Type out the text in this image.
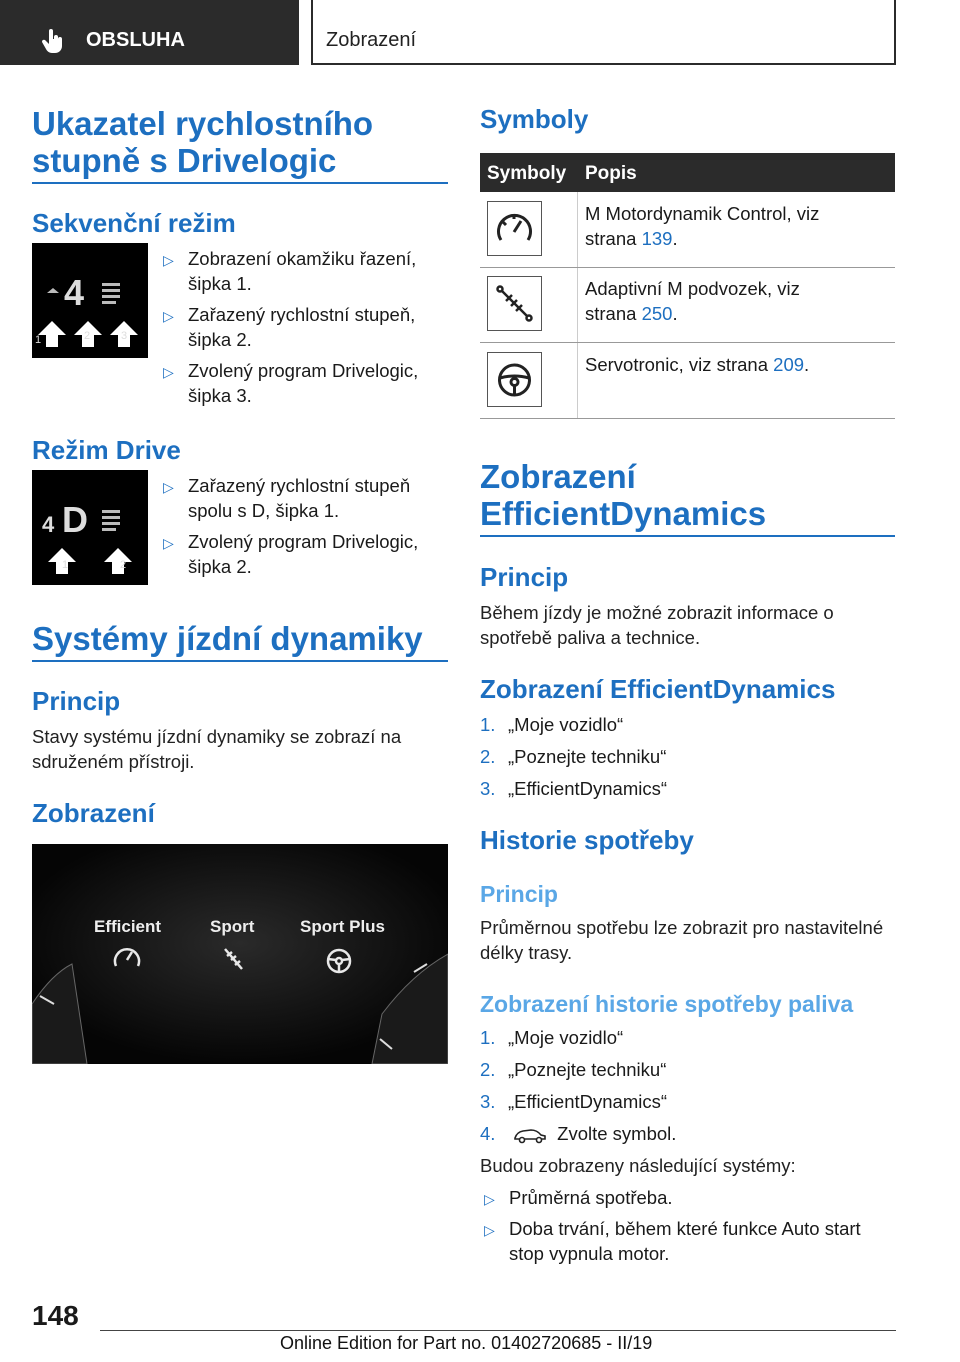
OBSLUHA	Zobrazení
Ukazatel rychlostního
stupně s Drivelogic
Sekvenční režim
4
1	2	3
▷ Zobrazení okamžiku řazení, šipka 1.
▷ Zařazený rychlostní stupeň, šipka 2.
▷ Zvolený program Drivelogic, šipka 3.
Režim Drive
4 D
1	2
▷ Zařazený rychlostní stupeň spolu s D, šipka 1.
▷ Zvolený program Drivelogic, šipka 2.
Systémy jízdní dynamiky
Princip
Stavy systému jízdní dynamiky se zobrazí na sdruženém přístroji.
Zobrazení
Efficient	Sport	Sport Plus
Symboly
Symboly Popis
M Motordynamik Control, viz strana 139.
Adaptivní M podvozek, viz strana 250.
Servotronic, viz strana 209.
Zobrazení
EfficientDynamics
Princip
Během jízdy je možné zobrazit informace o spotřebě paliva a technice.
Zobrazení EfficientDynamics
1. „Moje vozidlo“
2. „Poznejte techniku“
3. „EfficientDynamics“
Historie spotřeby
Princip
Průměrnou spotřebu lze zobrazit pro nastavitelné délky trasy.
Zobrazení historie spotřeby paliva
1. „Moje vozidlo“
2. „Poznejte techniku“
3. „EfficientDynamics“
4.	Zvolte symbol.
Budou zobrazeny následující systémy:
▷ Průměrná spotřeba.
▷ Doba trvání, během které funkce Auto start stop vypnula motor.
148
Online Edition for Part no. 01402720685 - II/19
